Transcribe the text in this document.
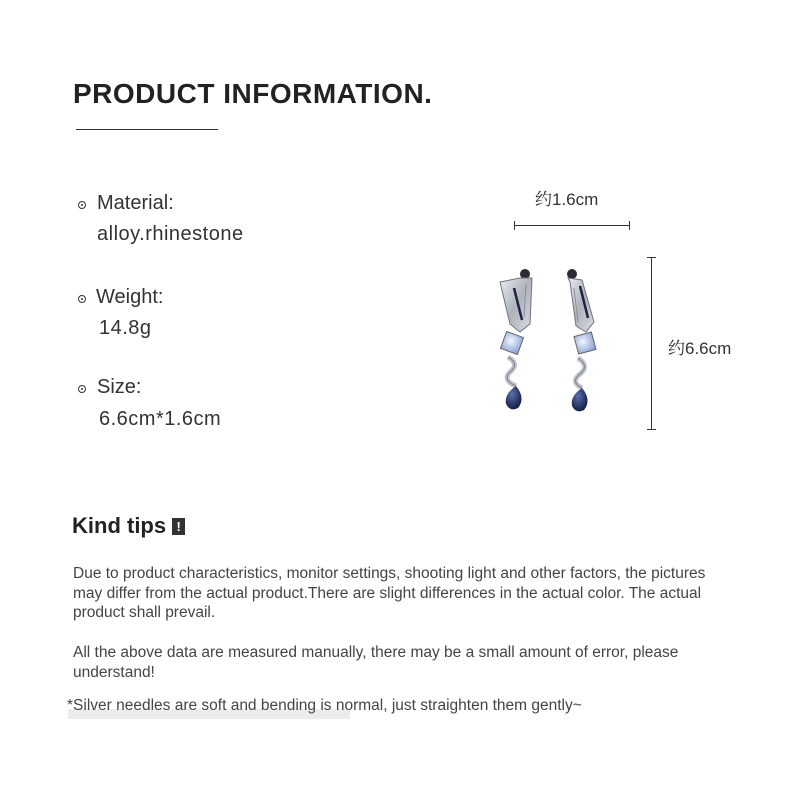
PRODUCT INFORMATION.
Material:
alloy.rhinestone
Weight:
14.8g
Size:
6.6cm*1.6cm
约1.6cm
约6.6cm
Kind tips !

Due to product characteristics, monitor settings, shooting light and other factors, the pictures may differ from the actual product.There are slight differences in the actual color. The actual product shall prevail.

All the above data are measured manually, there may be a small amount of error, please understand!

*Silver needles are soft and bending is normal, just straighten them gently~
